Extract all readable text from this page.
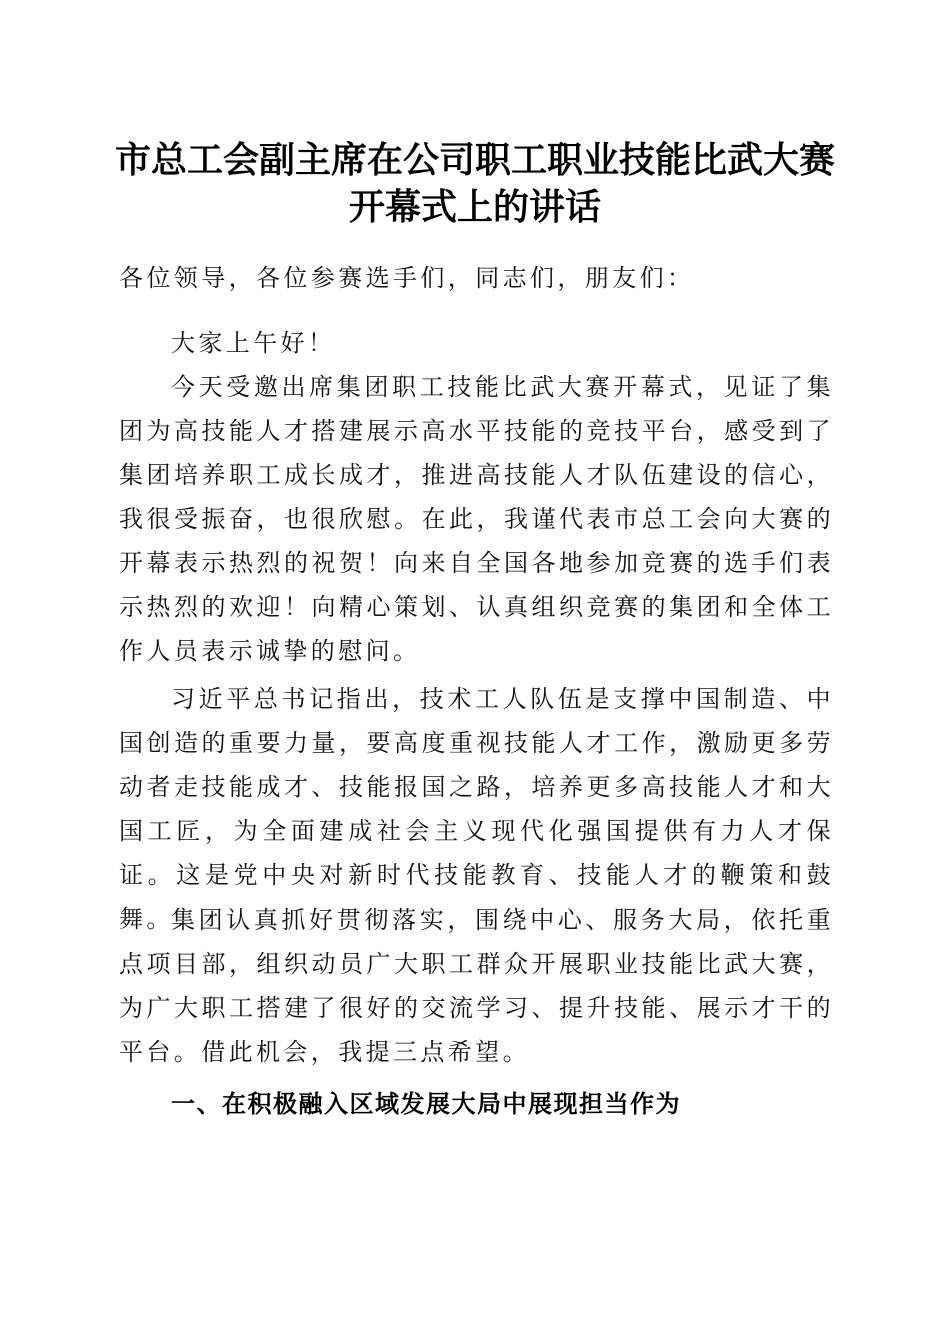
市总工会副主席在公司职工职业技能比武大赛
开幕式上的讲话

各位领导，各位参赛选手们，同志们，朋友们：

大家上午好！

今天受邀出席集团职工技能比武大赛开幕式，见证了集团为高技能人才搭建展示高水平技能的竞技平台，感受到了集团培养职工成长成才，推进高技能人才队伍建设的信心，我很受振奋，也很欣慰。在此，我谨代表市总工会向大赛的开幕表示热烈的祝贺！向来自全国各地参加竞赛的选手们表示热烈的欢迎！向精心策划、认真组织竞赛的集团和全体工作人员表示诚挚的慰问。

习近平总书记指出，技术工人队伍是支撑中国制造、中国创造的重要力量，要高度重视技能人才工作，激励更多劳动者走技能成才、技能报国之路，培养更多高技能人才和大国工匠，为全面建成社会主义现代化强国提供有力人才保证。这是党中央对新时代技能教育、技能人才的鞭策和鼓舞。

集团认真抓好贯彻落实，围绕中心、服务大局，依托重点项目部，组织动员广大职工群众开展职业技能比武大赛，为广大职工搭建了很好的交流学习、提升技能、展示才干的平台。借此机会，我提三点希望。

一、在积极融入区域发展大局中展现担当作为
